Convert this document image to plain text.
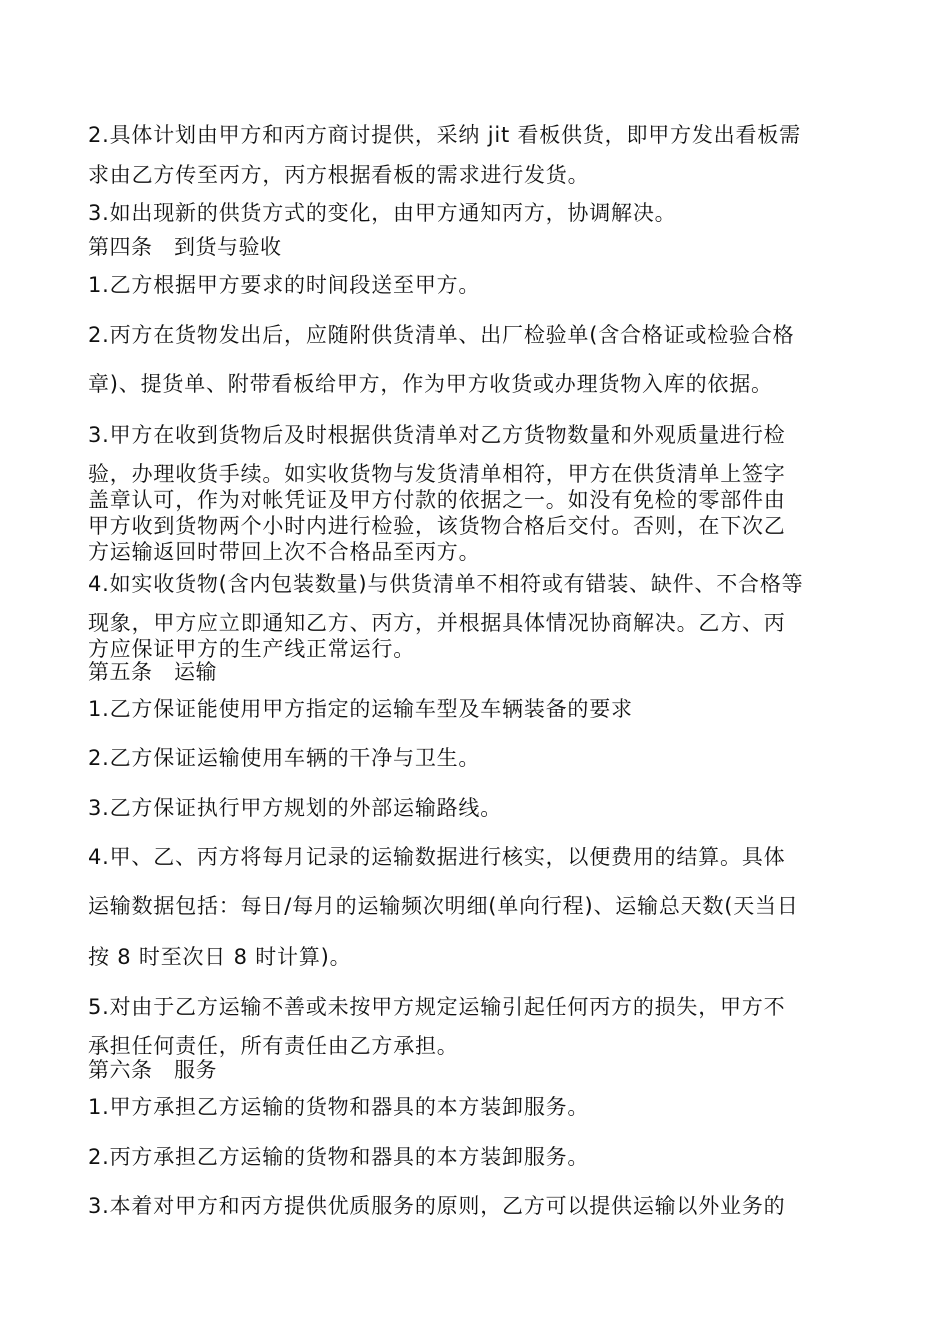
2.具体计划由甲方和丙方商讨提供，采纳 jit 看板供货，即甲方发出看板需
求由乙方传至丙方，丙方根据看板的需求进行发货。
3.如出现新的供货方式的变化，由甲方通知丙方，协调解决。
第四条　到货与验收
1.乙方根据甲方要求的时间段送至甲方。
2.丙方在货物发出后，应随附供货清单、出厂检验单(含合格证或检验合格
章)、提货单、附带看板给甲方，作为甲方收货或办理货物入库的依据。
3.甲方在收到货物后及时根据供货清单对乙方货物数量和外观质量进行检
验，办理收货手续。如实收货物与发货清单相符，甲方在供货清单上签字
盖章认可，作为对帐凭证及甲方付款的依据之一。如没有免检的零部件由
甲方收到货物两个小时内进行检验，该货物合格后交付。否则，在下次乙
方运输返回时带回上次不合格品至丙方。
4.如实收货物(含内包装数量)与供货清单不相符或有错装、缺件、不合格等
现象，甲方应立即通知乙方、丙方，并根据具体情况协商解决。乙方、丙
方应保证甲方的生产线正常运行。
第五条　运输
1.乙方保证能使用甲方指定的运输车型及车辆装备的要求
2.乙方保证运输使用车辆的干净与卫生。
3.乙方保证执行甲方规划的外部运输路线。
4.甲、乙、丙方将每月记录的运输数据进行核实，以便费用的结算。具体
运输数据包括：每日/每月的运输频次明细(单向行程)、运输总天数(天当日
按 8 时至次日 8 时计算)。
5.对由于乙方运输不善或未按甲方规定运输引起任何丙方的损失，甲方不
承担任何责任，所有责任由乙方承担。
第六条　服务
1.甲方承担乙方运输的货物和器具的本方装卸服务。
2.丙方承担乙方运输的货物和器具的本方装卸服务。
3.本着对甲方和丙方提供优质服务的原则，乙方可以提供运输以外业务的
